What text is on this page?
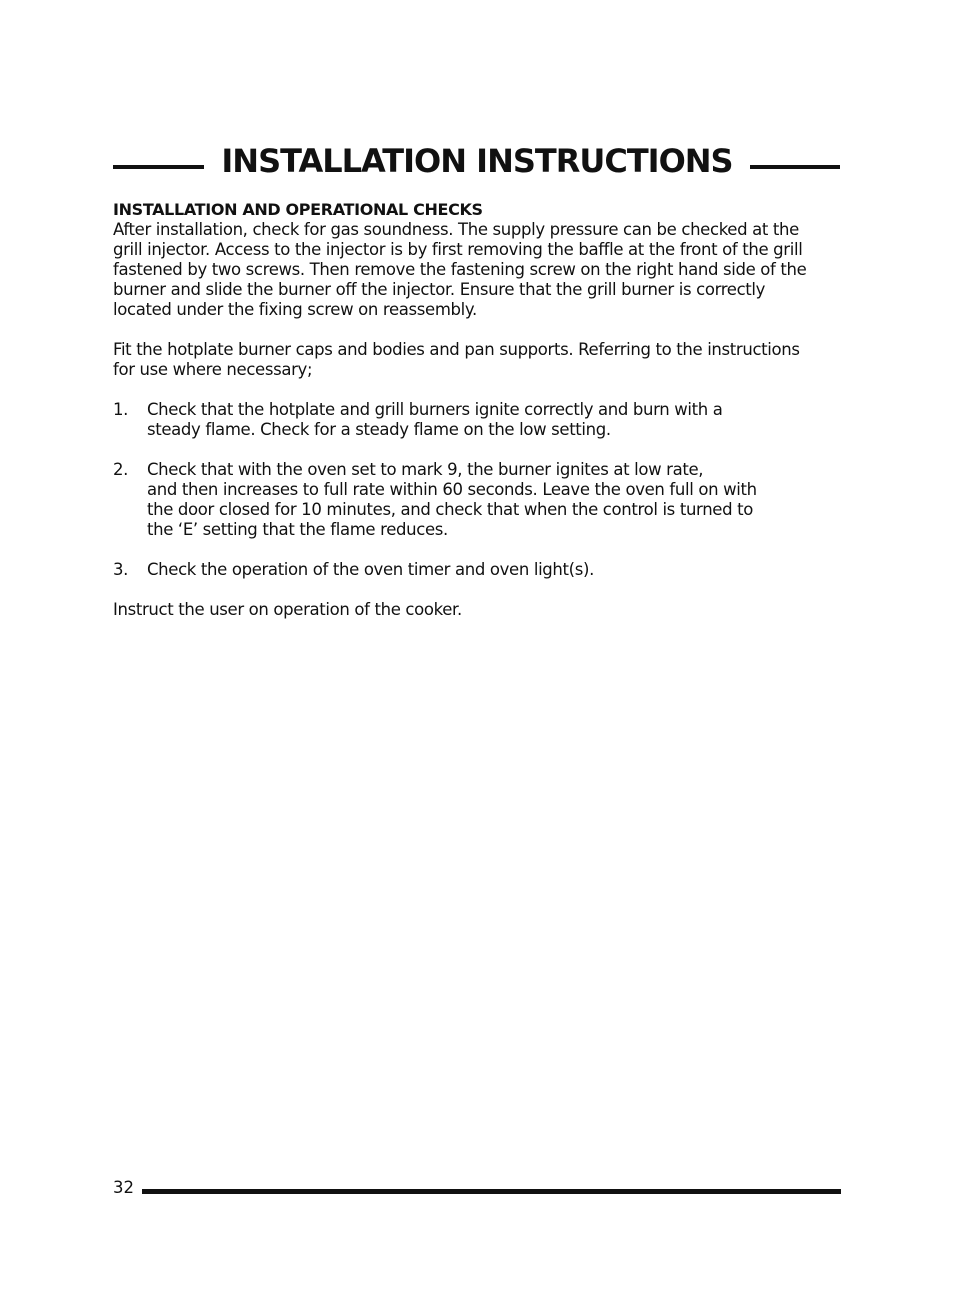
INSTALLATION INSTRUCTIONS

INSTALLATION AND OPERATIONAL CHECKS

After installation, check for gas soundness. The supply pressure can be checked at the
grill injector. Access to the injector is by first removing the baffle at the front of the grill
fastened by two screws. Then remove the fastening screw on the right hand side of the
burner and slide the burner off the injector. Ensure that the grill burner is correctly
located under the fixing screw on reassembly.
Fit the hotplate burner caps and bodies and pan supports. Referring to the instructions
for use where necessary;
1. Check that the hotplate and grill burners ignite correctly and burn with a
steady flame. Check for a steady flame on the low setting.
2. Check that with the oven set to mark 9, the burner ignites at low rate,
and then increases to full rate within 60 seconds. Leave the oven full on with
the door closed for 10 minutes, and check that when the control is turned to
the ‘E’ setting that the flame reduces.
3. Check the operation of the oven timer and oven light(s).

Instruct the user on operation of the cooker.

32
